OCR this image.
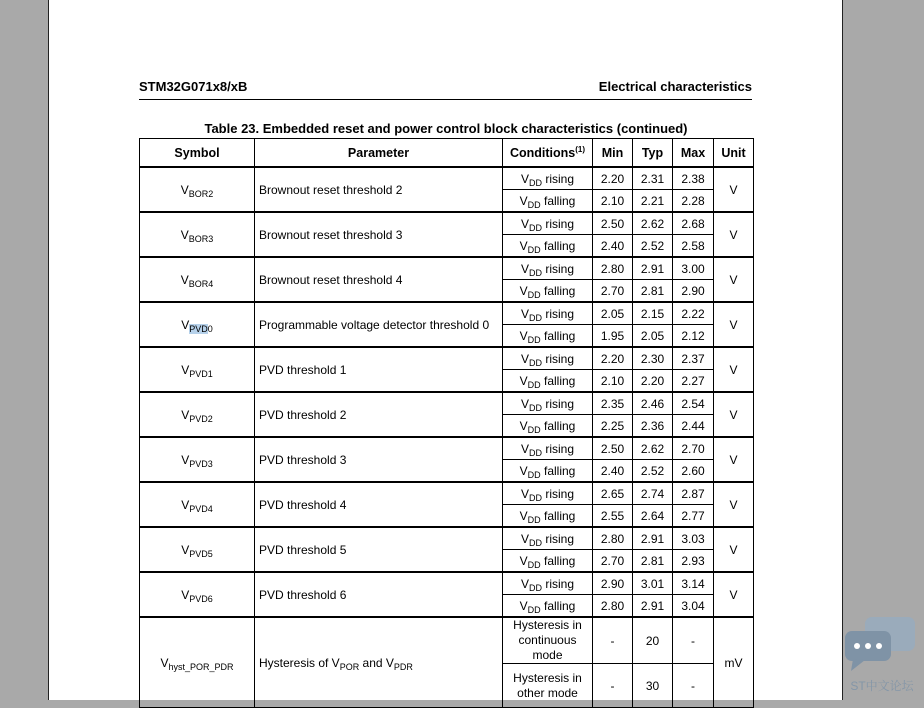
STM32G071x8/xB	Electrical characteristics
Table 23. Embedded reset and power control block characteristics (continued)
Symbol	Parameter	Conditions$^{(1)}$	Min	Typ	Max	Unit
$V_{BOR2}$	Brownout reset threshold 2	$V_{DD}$ rising	2.20	2.31	2.38	V
		$V_{DD}$ falling	2.10	2.21	2.28	
$V_{BOR3}$	Brownout reset threshold 3	$V_{DD}$ rising	2.50	2.62	2.68	V
		$V_{DD}$ falling	2.40	2.52	2.58	
$V_{BOR4}$	Brownout reset threshold 4	$V_{DD}$ rising	2.80	2.91	3.00	V
		$V_{DD}$ falling	2.70	2.81	2.90	
$V_{PVD0}$	Programmable voltage detector threshold 0	$V_{DD}$ rising	2.05	2.15	2.22	V
		$V_{DD}$ falling	1.95	2.05	2.12	
$V_{PVD1}$	PVD threshold 1	$V_{DD}$ rising	2.20	2.30	2.37	V
		$V_{DD}$ falling	2.10	2.20	2.27	
$V_{PVD2}$	PVD threshold 2	$V_{DD}$ rising	2.35	2.46	2.54	V
		$V_{DD}$ falling	2.25	2.36	2.44	
$V_{PVD3}$	PVD threshold 3	$V_{DD}$ rising	2.50	2.62	2.70	V
		$V_{DD}$ falling	2.40	2.52	2.60	
$V_{PVD4}$	PVD threshold 4	$V_{DD}$ rising	2.65	2.74	2.87	V
		$V_{DD}$ falling	2.55	2.64	2.77	
$V_{PVD5}$	PVD threshold 5	$V_{DD}$ rising	2.80	2.91	3.03	V
		$V_{DD}$ falling	2.70	2.81	2.93	
$V_{PVD6}$	PVD threshold 6	$V_{DD}$ rising	2.90	3.01	3.14	V
		$V_{DD}$ falling	2.80	2.91	3.04	
$V_{hyst\_POR\_PDR}$	Hysteresis of $V_{POR}$ and $V_{PDR}$	Hysteresis in continuous mode	-	20	-	mV
		Hysteresis in other mode	-	30	-		ST中文论坛
